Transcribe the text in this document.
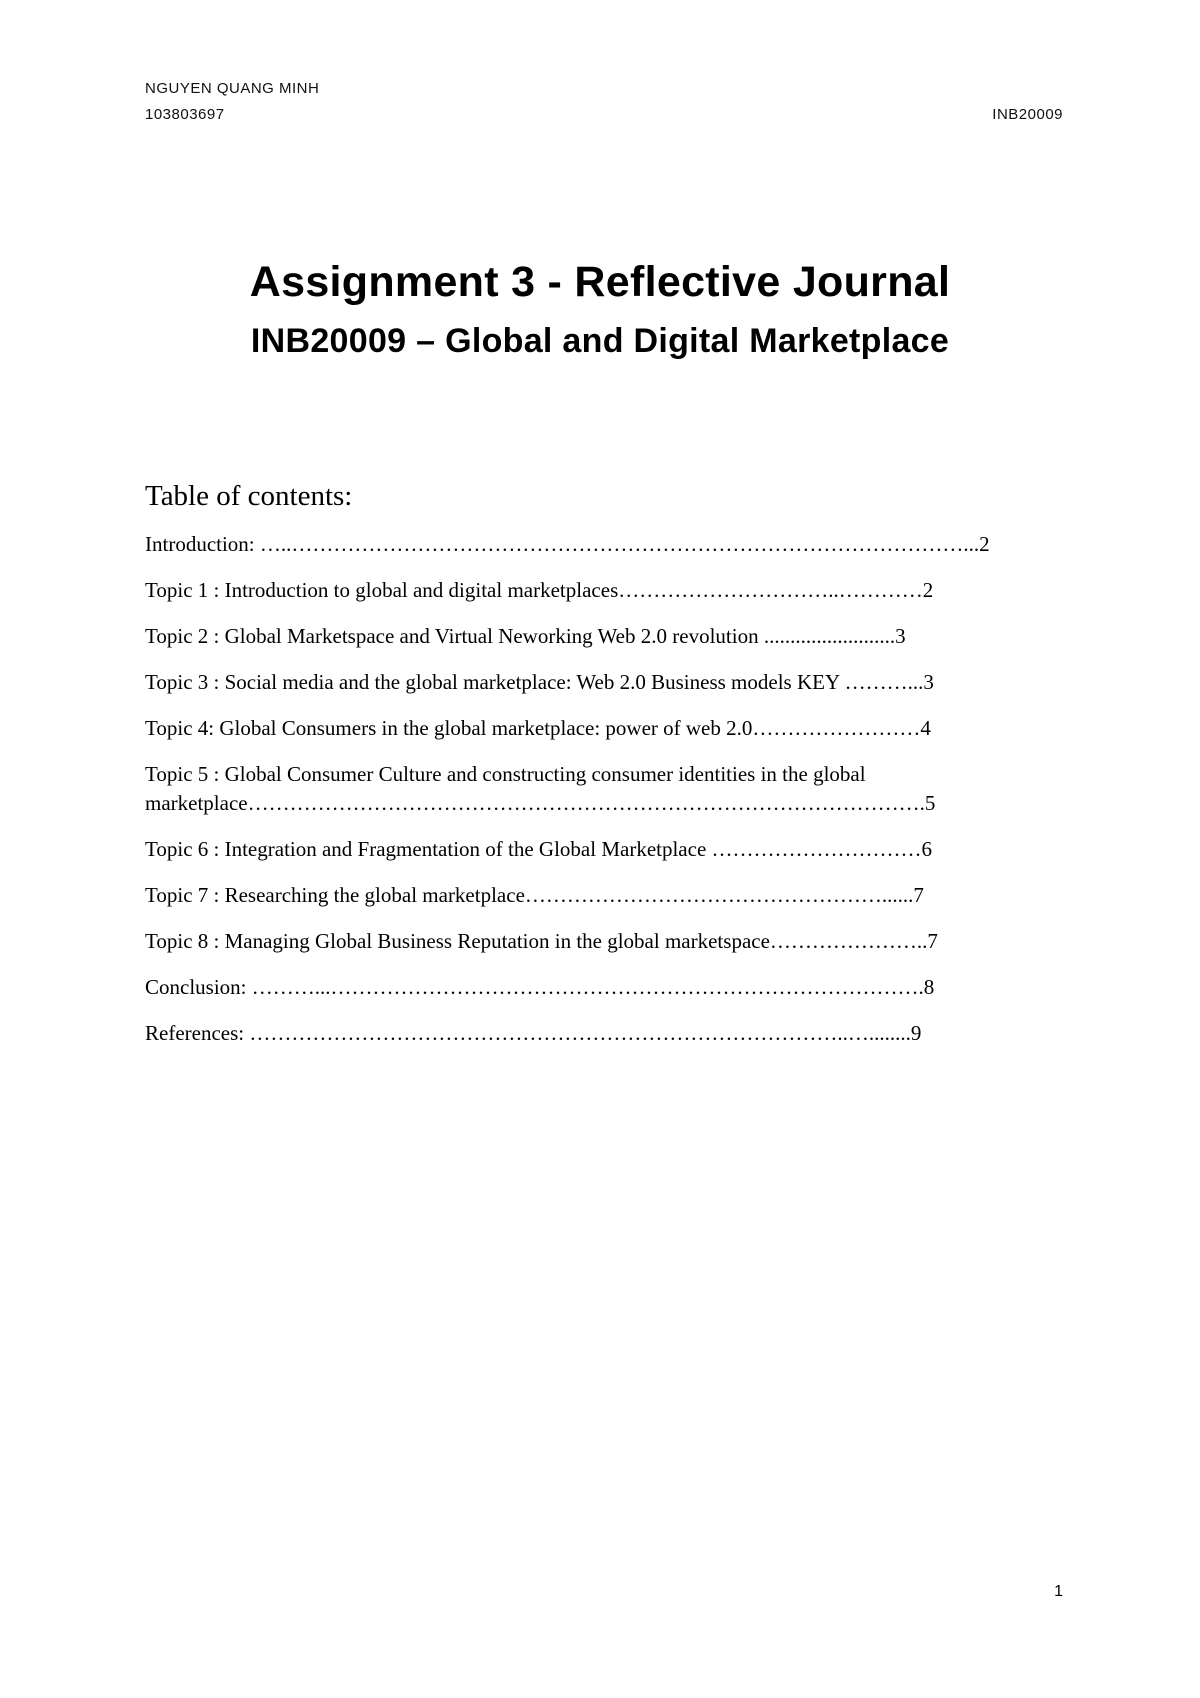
NGUYEN QUANG MINH
103803697	INB20009
Assignment 3 - Reflective Journal
INB20009 – Global and Digital Marketplace
Table of contents:
Introduction: …..……………………………………………………………………………………...2
Topic 1 : Introduction to global and digital marketplaces…………………………..…………2
Topic 2 : Global Marketspace and Virtual Neworking Web 2.0 revolution .........................3
Topic 3 : Social media and the global marketplace: Web 2.0 Business models KEY ………...3
Topic 4: Global Consumers in the global marketplace: power of web 2.0……………………4
Topic 5 : Global Consumer Culture and constructing consumer identities in the global marketplace…………………………………………………………………………………….5
Topic 6 : Integration and Fragmentation of the Global Marketplace …………………………6
Topic 7 : Researching the global marketplace……………………………………………......7
Topic 8 : Managing Global Business Reputation in the global marketspace…………………..7
Conclusion: ………...………………………………………………………………………….8
References: …………………………………………………………………………..…........9
1
